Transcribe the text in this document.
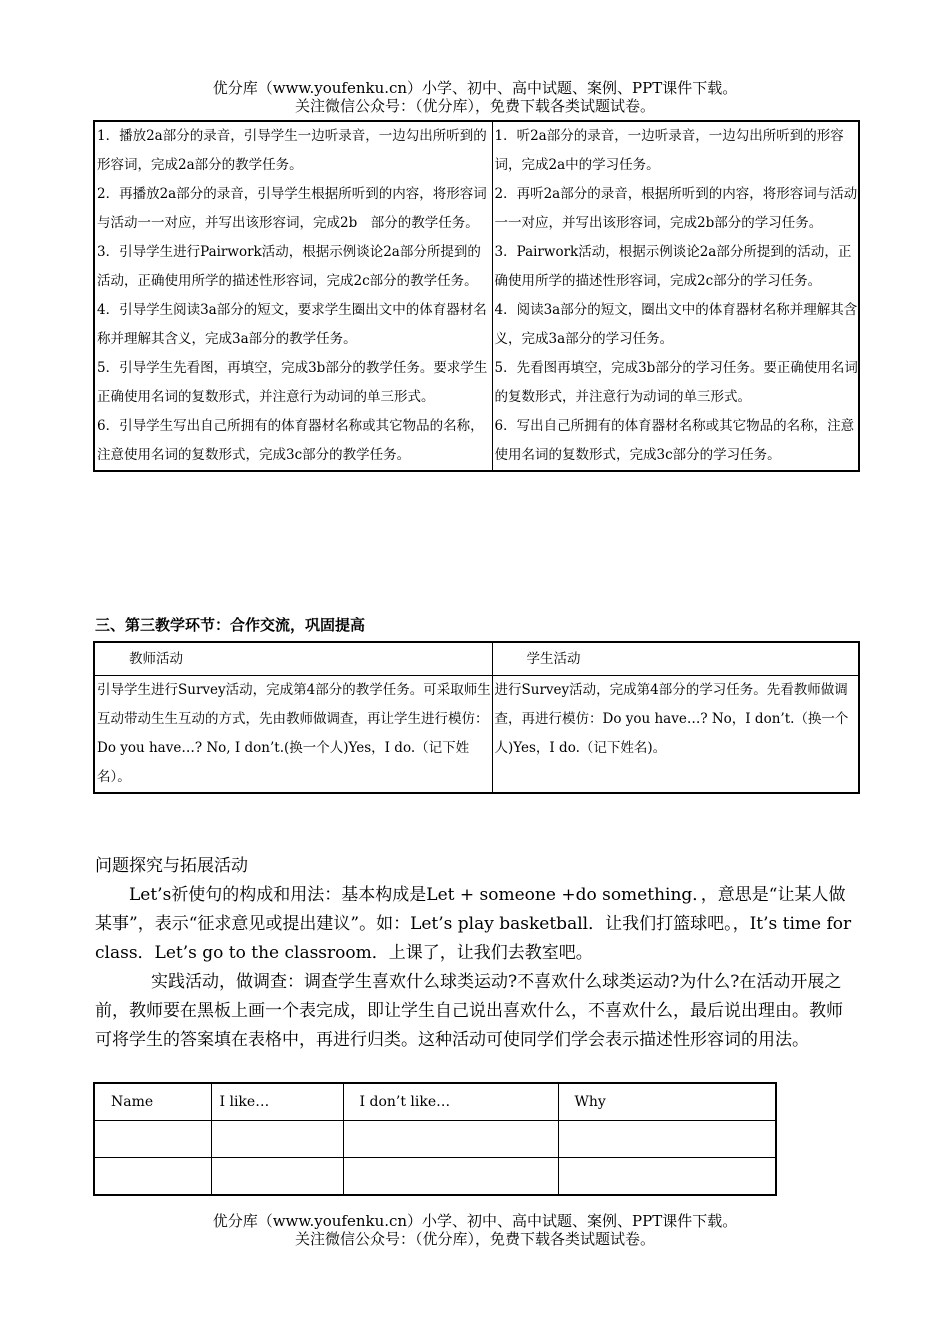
优分库（www.youfenku.cn）小学、初中、高中试题、案例、PPT课件下载。
关注微信公众号：（优分库），免费下载各类试题试卷。
1．播放2a部分的录音，引导学生一边听录音，一边勾出所听到的形容词，完成2a部分的教学任务。
2．再播放2a部分的录音，引导学生根据所听到的内容，将形容词与活动一一对应，并写出该形容词，完成2b　部分的教学任务。
3．引导学生进行Pairwork活动，根据示例谈论2a部分所提到的活动，正确使用所学的描述性形容词，完成2c部分的教学任务。
4．引导学生阅读3a部分的短文，要求学生圈出文中的体育器材名称并理解其含义，完成3a部分的教学任务。
5．引导学生先看图，再填空，完成3b部分的教学任务。要求学生正确使用名词的复数形式，并注意行为动词的单三形式。
6．引导学生写出自己所拥有的体育器材名称或其它物品的名称，注意使用名词的复数形式，完成3c部分的教学任务。

1．听2a部分的录音，一边听录音，一边勾出所听到的形容词，完成2a中的学习任务。
2．再听2a部分的录音，根据所听到的内容，将形容词与活动一一对应，并写出该形容词，完成2b部分的学习任务。
3．Pairwork活动，根据示例谈论2a部分所提到的活动，正确使用所学的描述性形容词，完成2c部分的学习任务。
4．阅读3a部分的短文，圈出文中的体育器材名称并理解其含义，完成3a部分的学习任务。
5．先看图再填空，完成3b部分的学习任务。要正确使用名词的复数形式，并注意行为动词的单三形式。
6．写出自己所拥有的体育器材名称或其它物品的名称，注意使用名词的复数形式，完成3c部分的学习任务。
三、第三教学环节：合作交流，巩固提高
教师活动	学生活动
引导学生进行Survey活动，完成第4部分的教学任务。可采取师生互动带动生生互动的方式，先由教师做调查，再让学生进行模仿：Do you have…? No, I don’t.(换一个人)Yes，I do.（记下姓名）。	进行Survey活动，完成第4部分的学习任务。先看教师做调查，再进行模仿：Do you have…? No，I don’t.（换一个人)Yes，I do.（记下姓名)。
问题探究与拓展活动
Let’s祈使句的构成和用法：基本构成是Let + someone +do something．，意思是“让某人做某事”，表示“征求意见或提出建议”。如：Let’s play basketball．让我们打篮球吧。，It’s time for class．Let’s go to the classroom．上课了，让我们去教室吧。
实践活动，做调查：调查学生喜欢什么球类运动?不喜欢什么球类运动?为什么?在活动开展之前，教师要在黑板上画一个表完成，即让学生自己说出喜欢什么，不喜欢什么，最后说出理由。教师可将学生的答案填在表格中，再进行归类。这种活动可使同学们学会表示描述性形容词的用法。
Name	I like…	I don’t like…	Why

优分库（www.youfenku.cn）小学、初中、高中试题、案例、PPT课件下载。
关注微信公众号：（优分库），免费下载各类试题试卷。
